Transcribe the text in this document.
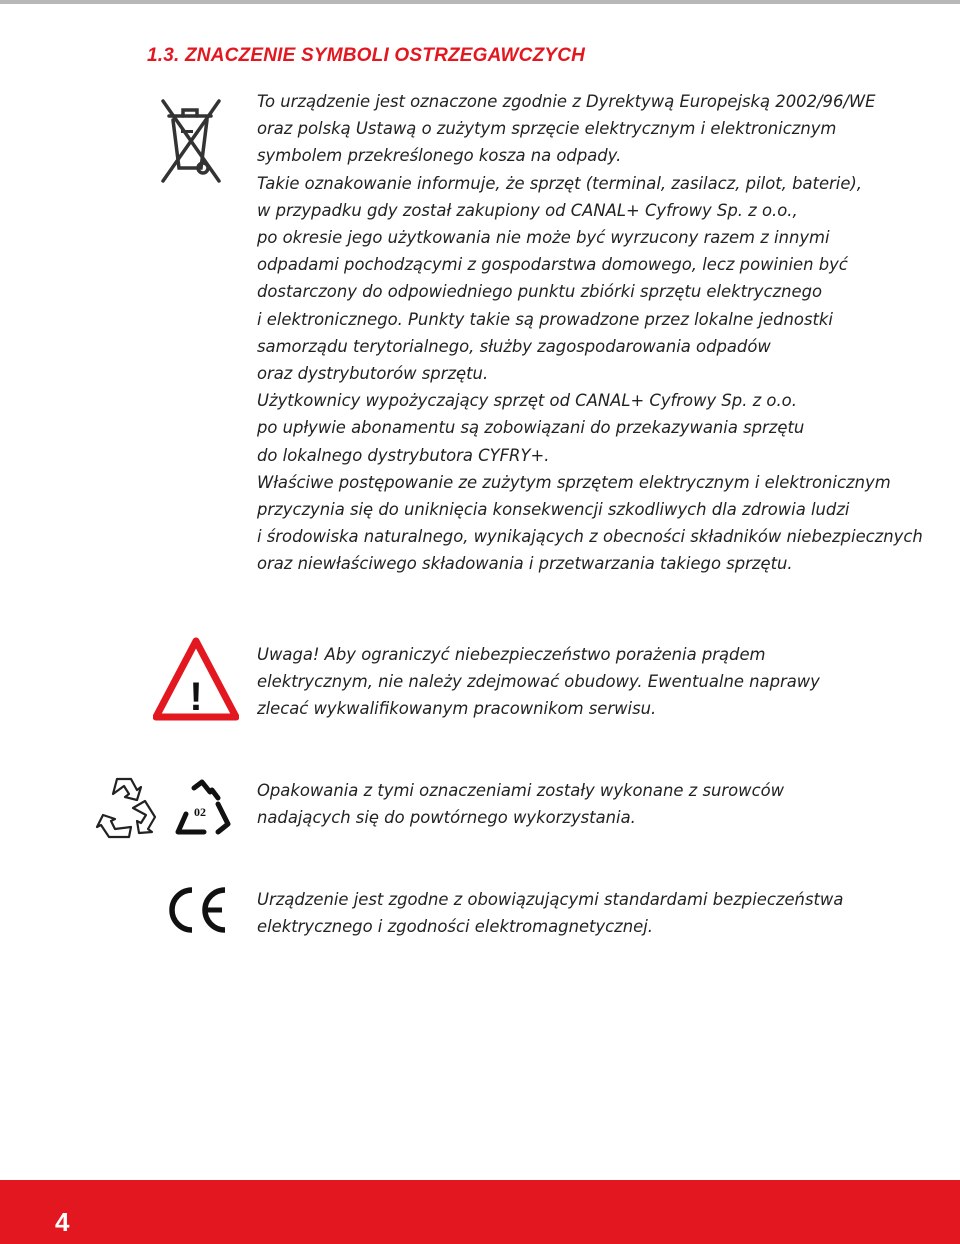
1.3. ZNACZENIE SYMBOLI OSTRZEGAWCZYCH
To urządzenie jest oznaczone zgodnie z Dyrektywą Europejską 2002/96/WE
oraz polską Ustawą o zużytym sprzęcie elektrycznym i elektronicznym
symbolem przekreślonego kosza na odpady.
Takie oznakowanie informuje, że sprzęt (terminal, zasilacz, pilot, baterie),
w przypadku gdy został zakupiony od CANAL+ Cyfrowy Sp. z o.o.,
po okresie jego użytkowania nie może być wyrzucony razem z innymi
odpadami pochodzącymi z gospodarstwa domowego, lecz powinien być
dostarczony do odpowiedniego punktu zbiórki sprzętu elektrycznego
i elektronicznego. Punkty takie są prowadzone przez lokalne jednostki
samorządu terytorialnego, służby zagospodarowania odpadów
oraz dystrybutorów sprzętu.
Użytkownicy wypożyczający sprzęt od CANAL+ Cyfrowy Sp. z o.o.
po upływie abonamentu są zobowiązani do przekazywania sprzętu
do lokalnego dystrybutora CYFRY+.
Właściwe postępowanie ze zużytym sprzętem elektrycznym i elektronicznym
przyczynia się do uniknięcia konsekwencji szkodliwych dla zdrowia ludzi
i środowiska naturalnego, wynikających z obecności składników niebezpiecznych
oraz niewłaściwego składowania i przetwarzania takiego sprzętu.
!
Uwaga! Aby ograniczyć niebezpieczeństwo porażenia prądem
elektrycznym, nie należy zdejmować obudowy. Ewentualne naprawy
zlecać wykwalifikowanym pracownikom serwisu.
02
Opakowania z tymi oznaczeniami zostały wykonane z surowców
nadających się do powtórnego wykorzystania.
Urządzenie jest zgodne z obowiązującymi standardami bezpieczeństwa
elektrycznego i zgodności elektromagnetycznej.
4
